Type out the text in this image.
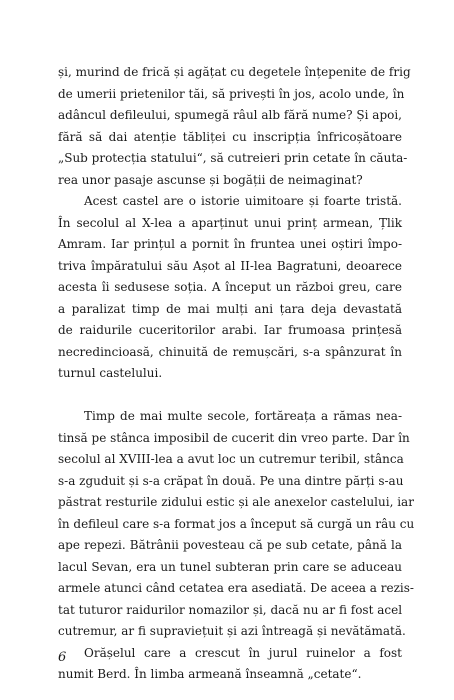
și, murind de frică și agățat cu degetele înțepenite de frig
de umerii prietenilor tăi, să privești în jos, acolo unde, în
adâncul defileului, spumegă râul alb fără nume? Și apoi,
fără să dai atenție tăbliței cu inscripția înfricoșătoare
„Sub protecția statului“, să cutreieri prin cetate în căuta-
rea unor pasaje ascunse și bogății de neimaginat?
Acest castel are o istorie uimitoare și foarte tristă.
În secolul al X-lea a aparținut unui prinț armean, Țlik
Amram. Iar prințul a pornit în fruntea unei oștiri împo-
triva împăratului său Așot al II-lea Bagratuni, deoarece
acesta îi sedusese soția. A început un război greu, care
a paralizat timp de mai mulți ani țara deja devastată
de raidurile cuceritorilor arabi. Iar frumoasa prințesă
necredincioasă, chinuită de remușcări, s-a spânzurat în
turnul castelului.
Timp de mai multe secole, fortăreața a rămas nea-
tinsă pe stânca imposibil de cucerit din vreo parte. Dar în
secolul al XVIII-lea a avut loc un cutremur teribil, stânca
s-a zguduit și s-a crăpat în două. Pe una dintre părți s-au
păstrat resturile zidului estic și ale anexelor castelului, iar
în defileul care s-a format jos a început să curgă un râu cu
ape repezi. Bătrânii povesteau că pe sub cetate, până la
lacul Sevan, era un tunel subteran prin care se aduceau
armele atunci când cetatea era asediată. De aceea a rezis-
tat tuturor raidurilor nomazilor și, dacă nu ar fi fost acel
cutremur, ar fi supraviețuit și azi întreagă și nevătămată.
Orășelul care a crescut în jurul ruinelor a fost
numit Berd. În limba armeană înseamnă „cetate“.
6
